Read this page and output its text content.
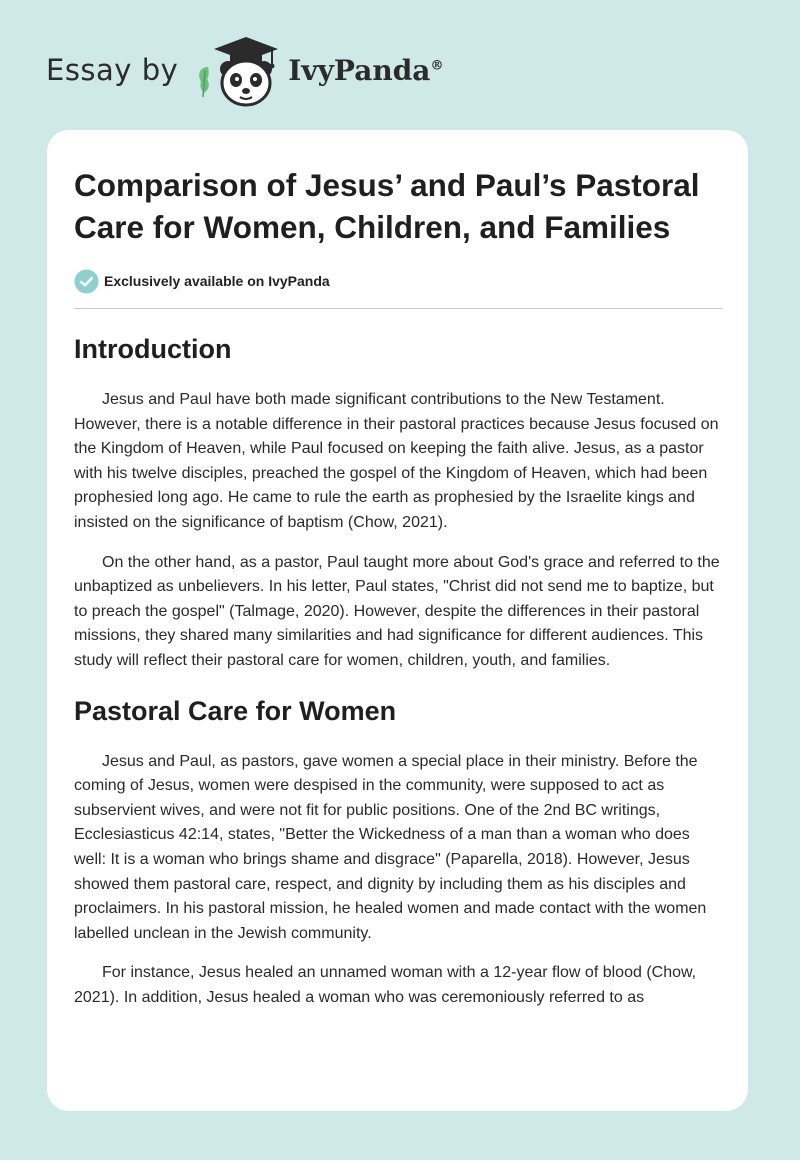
Essay by	IvyPanda®
Comparison of Jesus’ and Paul’s Pastoral Care for Women, Children, and Families
Exclusively available on IvyPanda
Introduction

Jesus and Paul have both made significant contributions to the New Testament. However, there is a notable difference in their pastoral practices because Jesus focused on the Kingdom of Heaven, while Paul focused on keeping the faith alive. Jesus, as a pastor with his twelve disciples, preached the gospel of the Kingdom of Heaven, which had been prophesied long ago. He came to rule the earth as prophesied by the Israelite kings and insisted on the significance of baptism (Chow, 2021).

On the other hand, as a pastor, Paul taught more about God's grace and referred to the unbaptized as unbelievers. In his letter, Paul states, "Christ did not send me to baptize, but to preach the gospel" (Talmage, 2020). However, despite the differences in their pastoral missions, they shared many similarities and had significance for different audiences. This study will reflect their pastoral care for women, children, youth, and families.

Pastoral Care for Women

Jesus and Paul, as pastors, gave women a special place in their ministry. Before the coming of Jesus, women were despised in the community, were supposed to act as subservient wives, and were not fit for public positions. One of the 2nd BC writings, Ecclesiasticus 42:14, states, "Better the Wickedness of a man than a woman who does well: It is a woman who brings shame and disgrace" (Paparella, 2018). However, Jesus showed them pastoral care, respect, and dignity by including them as his disciples and proclaimers. In his pastoral mission, he healed women and made contact with the women labelled unclean in the Jewish community.

For instance, Jesus healed an unnamed woman with a 12-year flow of blood (Chow, 2021). In addition, Jesus healed a woman who was ceremoniously referred to as
